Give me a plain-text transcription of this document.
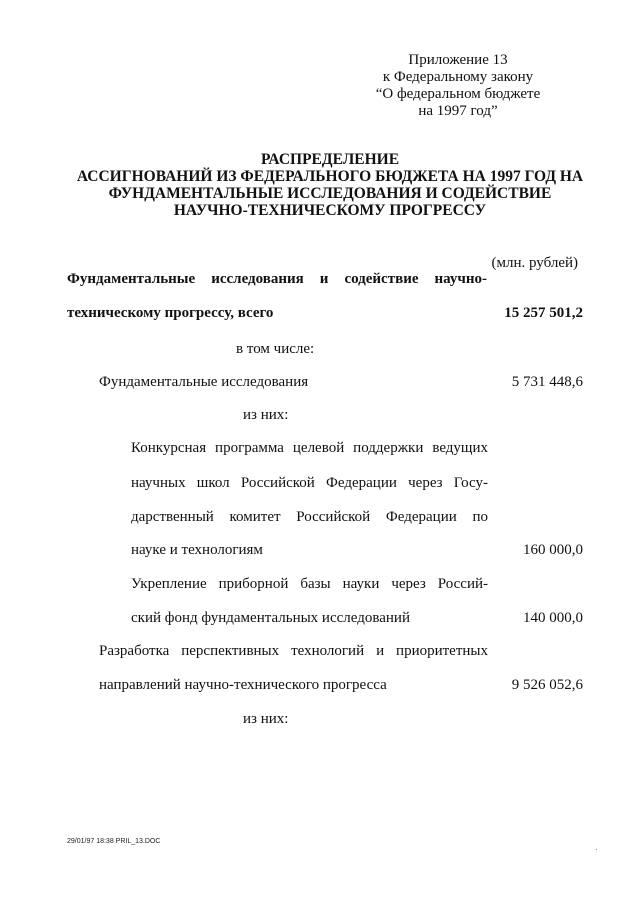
Приложение 13
к Федеральному закону
“О федеральном бюджете
на 1997 год”
РАСПРЕДЕЛЕНИЕ
АССИГНОВАНИЙ ИЗ ФЕДЕРАЛЬНОГО БЮДЖЕТА НА 1997 ГОД НА
ФУНДАМЕНТАЛЬНЫЕ ИССЛЕДОВАНИЯ И СОДЕЙСТВИЕ
НАУЧНО-ТЕХНИЧЕСКОМУ ПРОГРЕССУ
(млн. рублей)
Фундаментальные исследования и содействие научно-
техническому прогрессу, всего	15 257 501,2
в том числе:
Фундаментальные исследования	5 731 448,6
из них:
Конкурсная программа целевой поддержки ведущих
научных школ Российской Федерации через Госу-
дарственный комитет Российской Федерации по
науке и технологиям	160 000,0
Укрепление приборной базы науки через Россий-
ский фонд фундаментальных исследований	140 000,0
Разработка перспективных технологий и приоритетных
направлений научно-технического прогресса	9 526 052,6
из них:
29/01/97 18:38 PRIL_13.DOC
